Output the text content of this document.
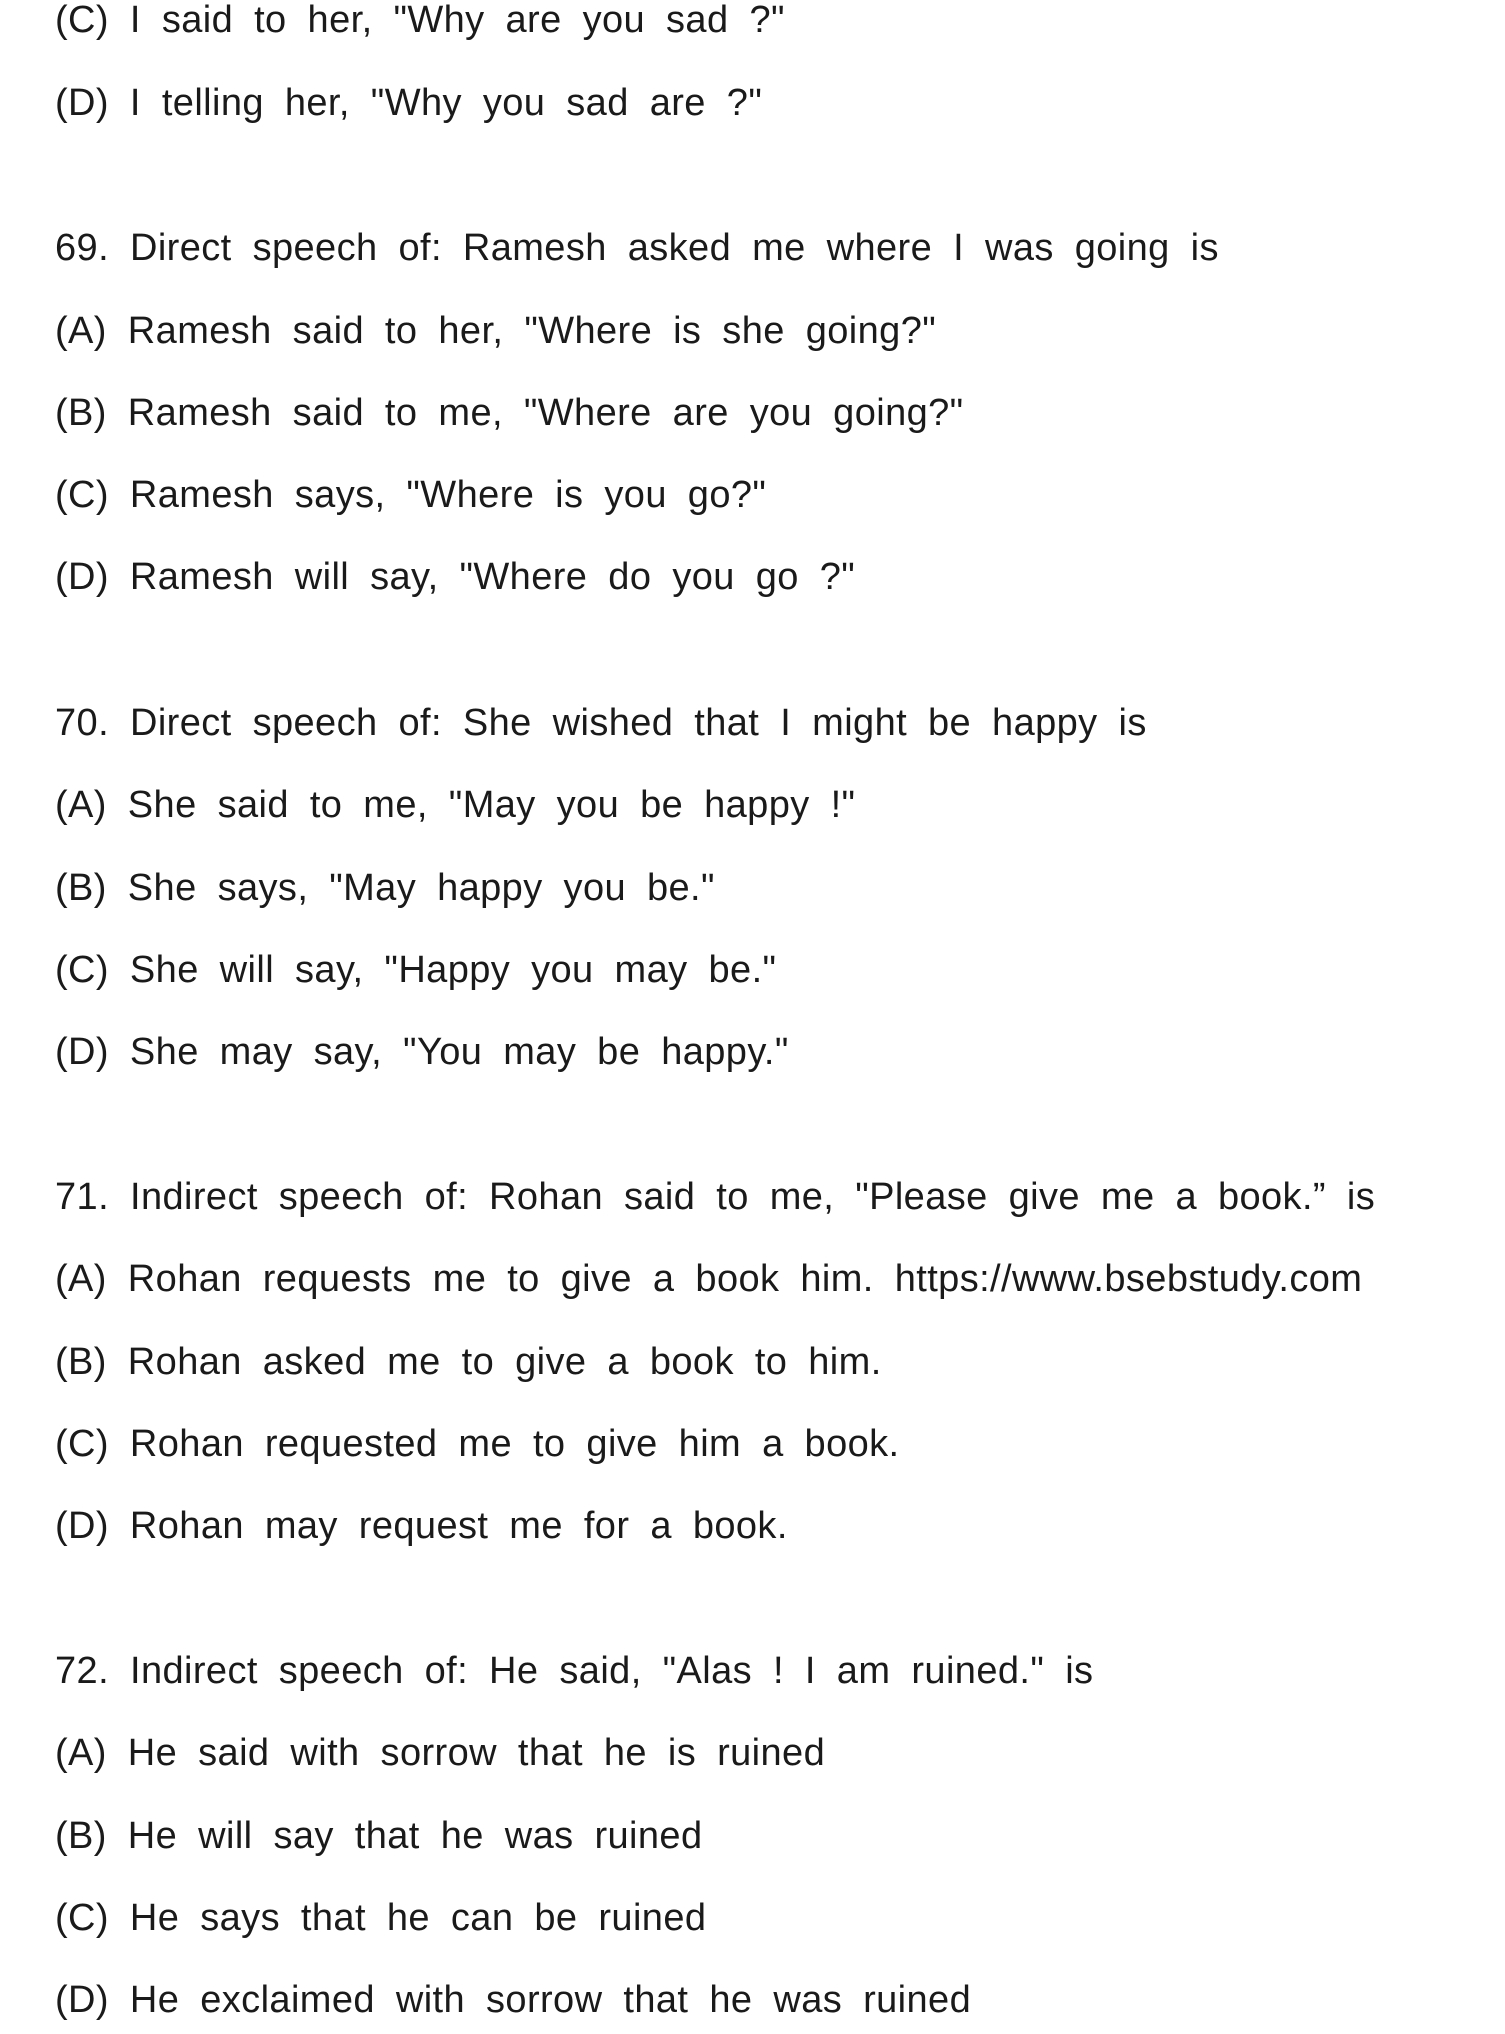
(C) I said to her, "Why are you sad ?"
(D) I telling her, "Why you sad are ?"
69. Direct speech of: Ramesh asked me where I was going is
(A) Ramesh said to her, "Where is she going?"
(B) Ramesh said to me, "Where are you going?"
(C) Ramesh says, "Where is you go?"
(D) Ramesh will say, "Where do you go ?"
70. Direct speech of: She wished that I might be happy is
(A) She said to me, "May you be happy !"
(B) She says, "May happy you be."
(C) She will say, "Happy you may be."
(D) She may say, "You may be happy."
71. Indirect speech of: Rohan said to me, "Please give me a book.” is
(A) Rohan requests me to give a book him. https://www.bsebstudy.com
(B) Rohan asked me to give a book to him.
(C) Rohan requested me to give him a book.
(D) Rohan may request me for a book.
72. Indirect speech of: He said, "Alas ! I am ruined." is
(A) He said with sorrow that he is ruined
(B) He will say that he was ruined
(C) He says that he can be ruined
(D) He exclaimed with sorrow that he was ruined
